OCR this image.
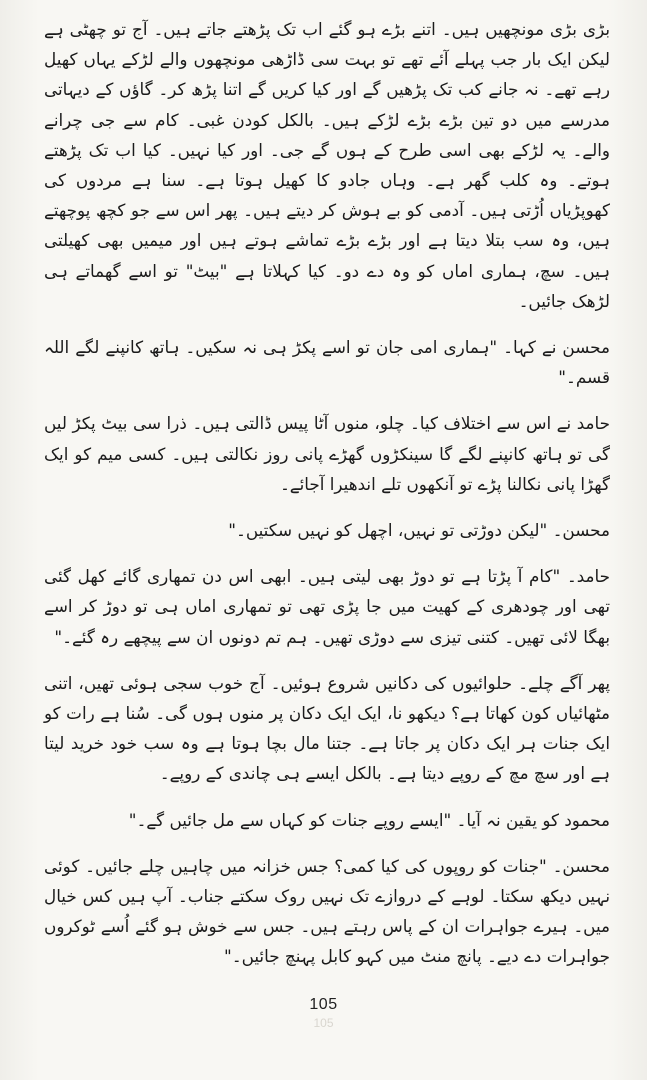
بڑی بڑی مونچھیں ہیں۔ اتنے بڑے ہو گئے اب تک پڑھتے جاتے ہیں۔ آج تو چھٹی ہے لیکن ایک بار جب پہلے آئے تھے تو بہت سی ڈاڑھی مونچھوں والے لڑکے یہاں کھیل رہے تھے۔ نہ جانے کب تک پڑھیں گے اور کیا کریں گے اتنا پڑھ کر۔ گاؤں کے دیہاتی مدرسے میں دو تین بڑے بڑے لڑکے ہیں۔ بالکل کودن غبی۔ کام سے جی چرانے والے۔ یہ لڑکے بھی اسی طرح کے ہوں گے جی۔ اور کیا نہیں۔ کیا اب تک پڑھتے ہوتے۔ وہ کلب گھر ہے۔ وہاں جادو کا کھیل ہوتا ہے۔ سنا ہے مردوں کی کھوپڑیاں اُڑتی ہیں۔ آدمی کو بے ہوش کر دیتے ہیں۔ پھر اس سے جو کچھ پوچھتے ہیں، وہ سب بتلا دیتا ہے اور بڑے بڑے تماشے ہوتے ہیں اور میمیں بھی کھیلتی ہیں۔ سچ، ہماری اماں کو وہ دے دو۔ کیا کہلاتا ہے "بیٹ" تو اسے گھماتے ہی لڑھک جائیں۔

محسن نے کہا۔ "ہماری امی جان تو اسے پکڑ ہی نہ سکیں۔ ہاتھ کانپنے لگے اللہ قسم۔"

حامد نے اس سے اختلاف کیا۔ چلو، منوں آٹا پیس ڈالتی ہیں۔ ذرا سی بیٹ پکڑ لیں گی تو ہاتھ کانپنے لگے گا سینکڑوں گھڑے پانی روز نکالتی ہیں۔ کسی میم کو ایک گھڑا پانی نکالنا پڑے تو آنکھوں تلے اندھیرا آجائے۔

محسن۔ "لیکن دوڑتی تو نہیں، اچھل کو نہیں سکتیں۔"

حامد۔ "کام آ پڑتا ہے تو دوڑ بھی لیتی ہیں۔ ابھی اس دن تمھاری گائے کھل گئی تھی اور چودھری کے کھیت میں جا پڑی تھی تو تمھاری اماں ہی تو دوڑ کر اسے بھگا لائی تھیں۔ کتنی تیزی سے دوڑی تھیں۔ ہم تم دونوں ان سے پیچھے رہ گئے۔"

پھر آگے چلے۔ حلوائیوں کی دکانیں شروع ہوئیں۔ آج خوب سجی ہوئی تھیں، اتنی مٹھائیاں کون کھاتا ہے؟ دیکھو نا، ایک ایک دکان پر منوں ہوں گی۔ سُنا ہے رات کو ایک جنات ہر ایک دکان پر جاتا ہے۔ جتنا مال بچا ہوتا ہے وہ سب خود خرید لیتا ہے اور سچ مچ کے روپے دیتا ہے۔ بالکل ایسے ہی چاندی کے روپے۔

محمود کو یقین نہ آیا۔ "ایسے روپے جنات کو کہاں سے مل جائیں گے۔"

محسن۔ "جنات کو روپوں کی کیا کمی؟ جس خزانہ میں چاہیں چلے جائیں۔ کوئی نہیں دیکھ سکتا۔ لوہے کے دروازے تک نہیں روک سکتے جناب۔ آپ ہیں کس خیال میں۔ ہیرے جواہرات ان کے پاس رہتے ہیں۔ جس سے خوش ہو گئے اُسے ٹوکروں جواہرات دے دیے۔ پانچ منٹ میں کہو کابل پہنچ جائیں۔"

105
105
